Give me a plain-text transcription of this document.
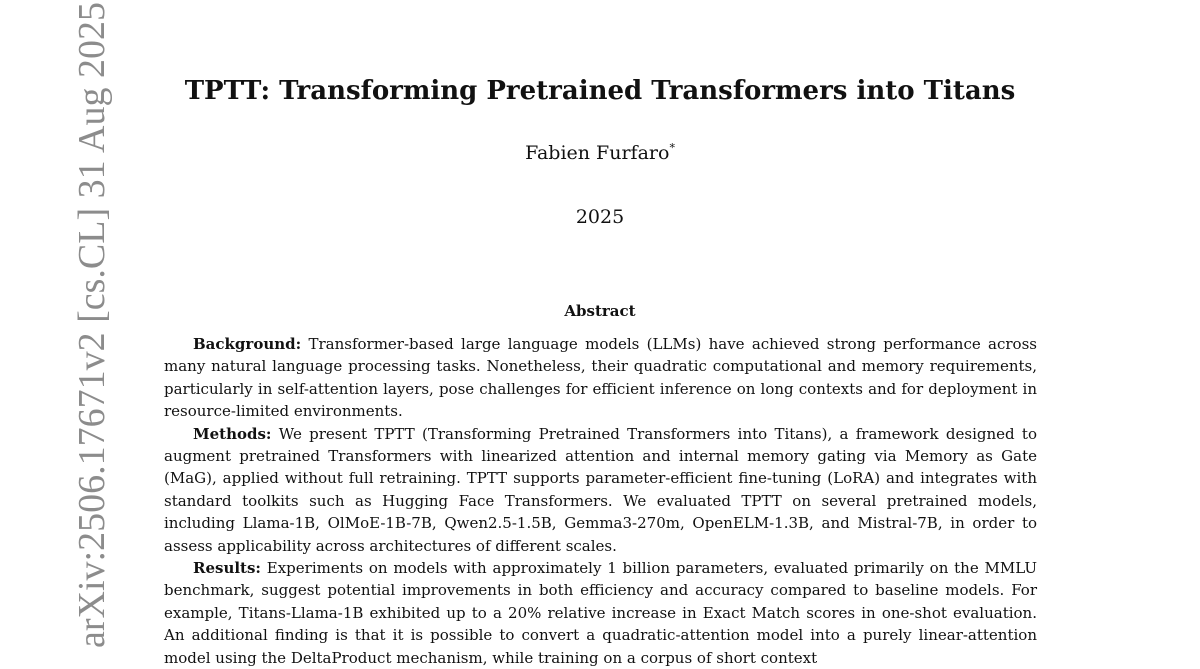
arXiv:2506.17671v2 [cs.CL] 31 Aug 2025	TPTT: Transforming Pretrained Transformers into Titans
Fabien Furfaro*
2025
Abstract

Background: Transformer-based large language models (LLMs) have achieved strong performance across many natural language processing tasks. Nonetheless, their quadratic computational and memory requirements, particularly in self-attention layers, pose challenges for efficient inference on long contexts and for deployment in resource-limited environments.

Methods: We present TPTT (Transforming Pretrained Transformers into Titans), a framework designed to augment pretrained Transformers with linearized attention and internal memory gating via Memory as Gate (MaG), applied without full retraining. TPTT supports parameter-efficient fine-tuning (LoRA) and integrates with standard toolkits such as Hugging Face Transformers. We evaluated TPTT on several pretrained models, including Llama-1B, OlMoE-1B-7B, Qwen2.5-1.5B, Gemma3-270m, OpenELM-1.3B, and Mistral-7B, in order to assess applicability across architectures of different scales.

Results: Experiments on models with approximately 1 billion parameters, evaluated primarily on the MMLU benchmark, suggest potential improvements in both efficiency and accuracy compared to baseline models. For example, Titans-Llama-1B exhibited up to a 20% relative increase in Exact Match scores in one-shot evaluation. An additional finding is that it is possible to convert a quadratic-attention model into a purely linear-attention model using the DeltaProduct mechanism, while training on a corpus of short context
